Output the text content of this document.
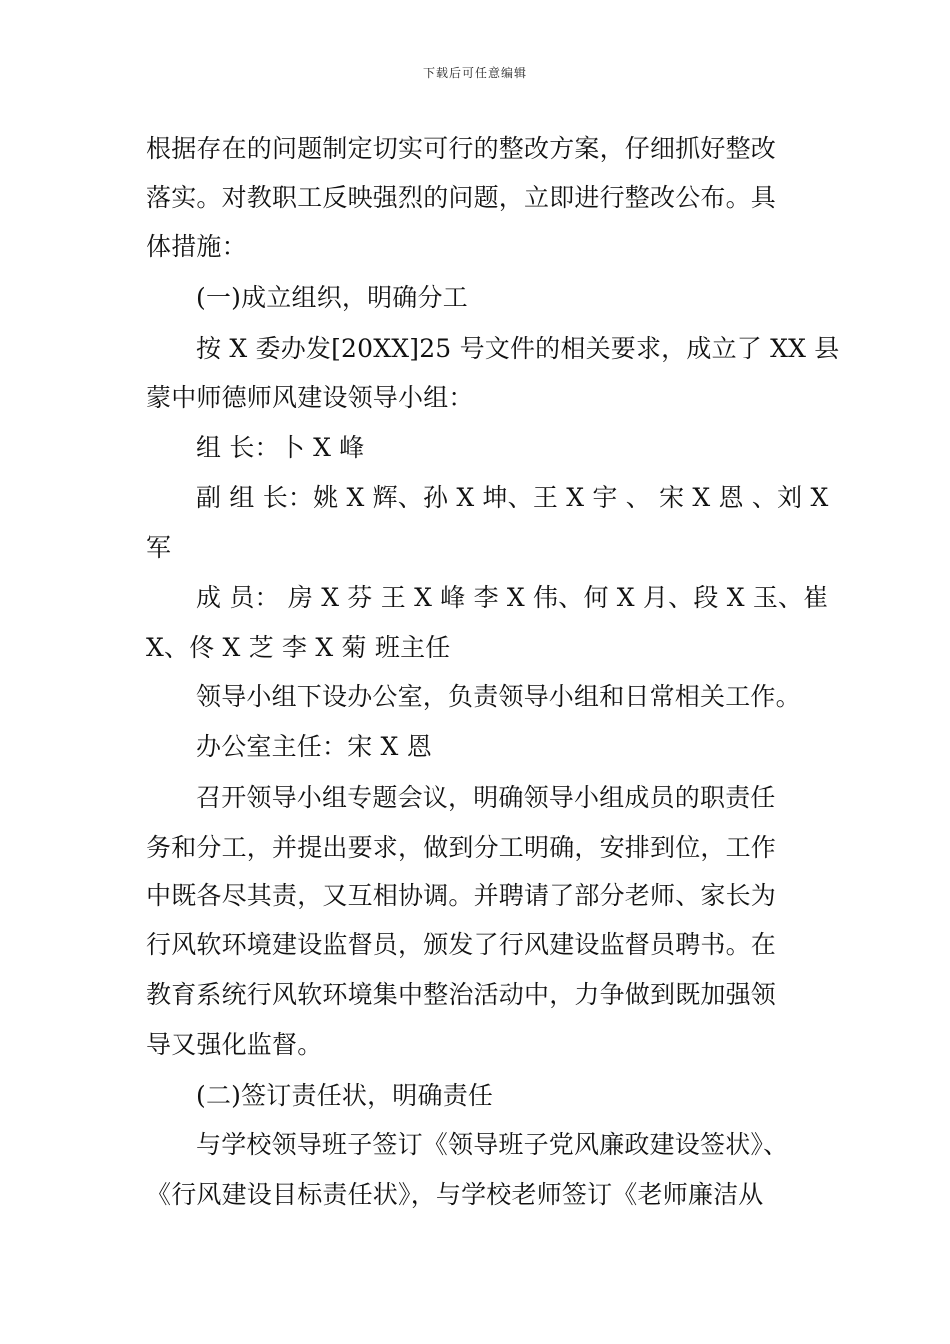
下载后可任意编辑
根据存在的问题制定切实可行的整改方案，仔细抓好整改
落实。对教职工反映强烈的问题，立即进行整改公布。具
体措施：
(一)成立组织，明确分工
按 X 委办发[20XX]25 号文件的相关要求，成立了 XX 县
蒙中师德师风建设领导小组：
组 长：卜 X 峰
副 组 长：姚 X 辉、孙 X 坤、王 X 宇 、 宋 X 恩 、刘 X
军
成 员： 房 X 芬 王 X 峰 李 X 伟、何 X 月、段 X 玉、崔
X、佟 X 芝 李 X 菊 班主任
领导小组下设办公室，负责领导小组和日常相关工作。
办公室主任：宋 X 恩
召开领导小组专题会议，明确领导小组成员的职责任
务和分工，并提出要求，做到分工明确，安排到位，工作
中既各尽其责，又互相协调。并聘请了部分老师、家长为
行风软环境建设监督员，颁发了行风建设监督员聘书。在
教育系统行风软环境集中整治活动中，力争做到既加强领
导又强化监督。
(二)签订责任状，明确责任
与学校领导班子签订《领导班子党风廉政建设签状》、
《行风建设目标责任状》，与学校老师签订《老师廉洁从
